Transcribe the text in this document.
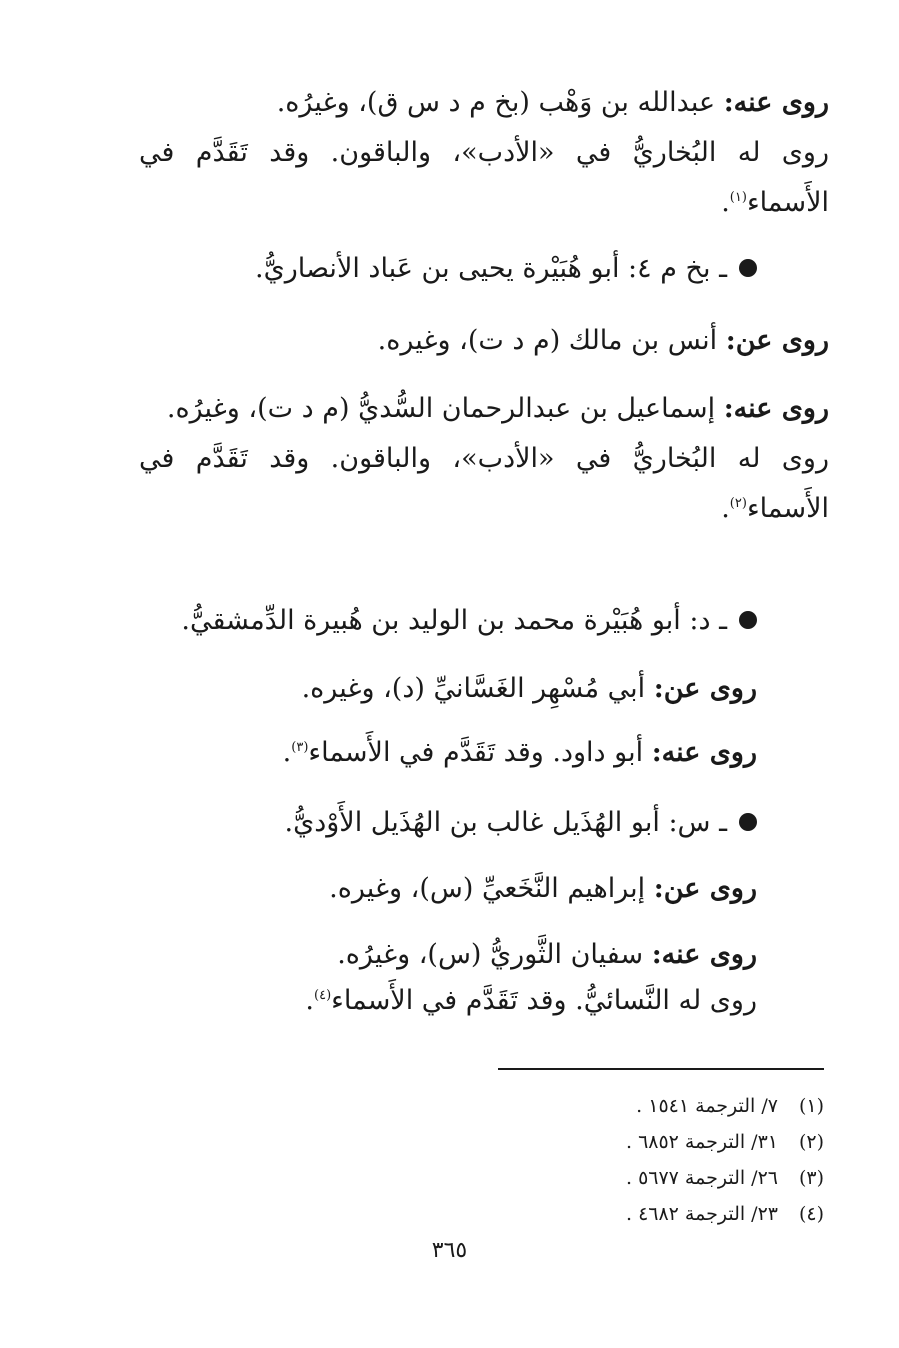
روى عنه: عبدالله بن وَهْب (بخ م د س ق)، وغيرُه.
روى له البُخاريُّ في «الأدب»، والباقون. وقد تَقَدَّم في الأَسماء$^{(١)}$.
ـ بخ م ٤: أبو هُبَيْرة يحيى بن عَباد الأنصاريُّ.
روى عن: أنس بن مالك (م د ت)، وغيره.
روى عنه: إسماعيل بن عبدالرحمان السُّديُّ (م د ت)، وغيرُه.
روى له البُخاريُّ في «الأدب»، والباقون. وقد تَقَدَّم في الأَسماء$^{(٢)}$.
ـ د: أبو هُبَيْرة محمد بن الوليد بن هُبيرة الدِّمشقيُّ.
روى عن: أبي مُسْهِر الغَسَّانيِّ (د)، وغيره.
روى عنه: أبو داود. وقد تَقَدَّم في الأَسماء$^{(٣)}$.
ـ س: أبو الهُذَيل غالب بن الهُذَيل الأَوْديُّ.
روى عن: إبراهيم النَّخَعيِّ (س)، وغيره.
روى عنه: سفيان الثَّوريُّ (س)، وغيرُه.
روى له النَّسائيُّ. وقد تَقَدَّم في الأَسماء$^{(٤)}$.
(١)٧/ الترجمة ١٥٤١ .
(٢)٣١/ الترجمة ٦٨٥٢ .
(٣)٢٦/ الترجمة ٥٦٧٧ .
(٤)٢٣/ الترجمة ٤٦٨٢ .
٣٦٥
